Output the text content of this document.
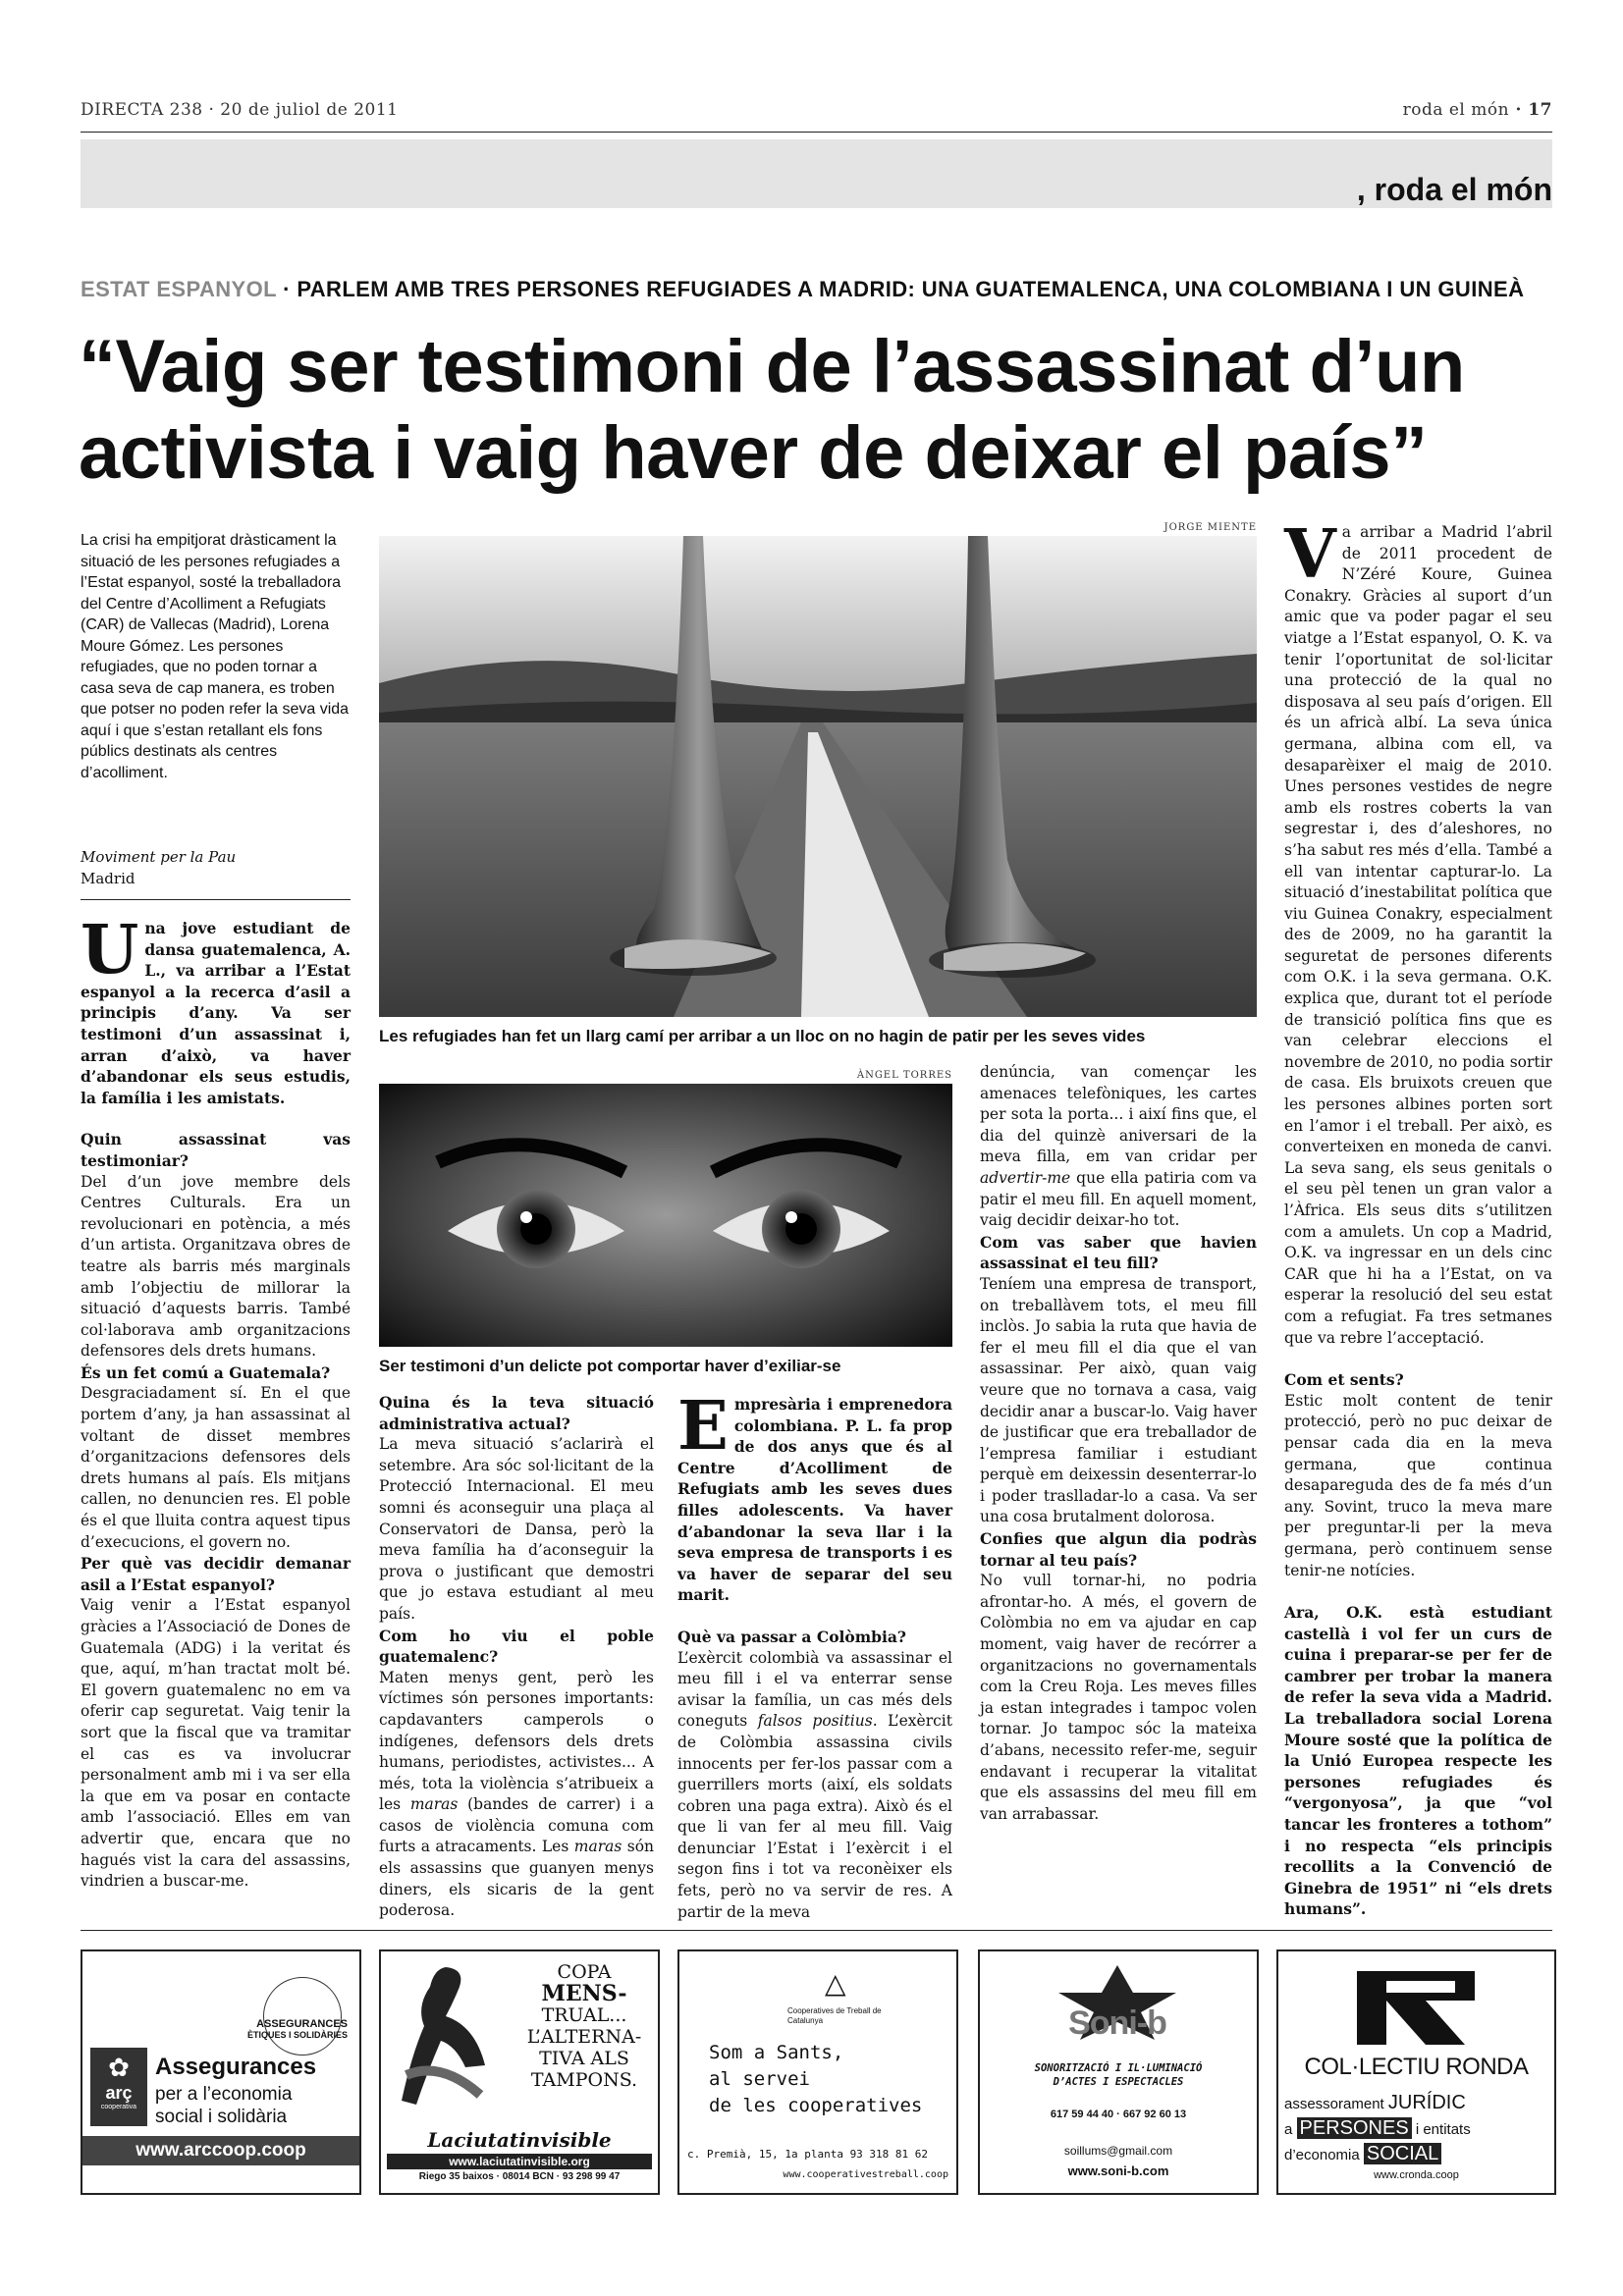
DIRECTA 238 · 20 de juliol de 2011	roda el món · 17
, roda el món
ESTAT ESPANYOL · PARLEM AMB TRES PERSONES REFUGIADES A MADRID: UNA GUATEMALENCA, UNA COLOMBIANA I UN GUINEÀ
“Vaig ser testimoni de l’assassinat d’un activista i vaig haver de deixar el país”
La crisi ha empitjorat dràsticament la situació de les persones refugiades a l’Estat espanyol, sosté la treballadora del Centre d’Acolliment a Refugiats (CAR) de Vallecas (Madrid), Lorena Moure Gómez. Les persones refugiades, que no poden tornar a casa seva de cap manera, es troben que potser no poden refer la seva vida aquí i que s’estan retallant els fons públics destinats als centres d’acolliment.
Moviment per la Pau
Madrid
U na jove estudiant de dansa guatemalenca, A. L., va arribar a l’Estat espanyol a la recerca d’asil a principis d’any. Va ser testimoni d’un assassinat i, arran d’això, va haver d’abandonar els seus estudis, la família i les amistats.

Quin assassinat vas testimoniar?

Del d’un jove membre dels Centres Culturals. Era un revolucionari en potència, a més d’un artista. Organitzava obres de teatre als barris més marginals amb l’objectiu de millorar la situació d’aquests barris. També col·laborava amb organitzacions defensores dels drets humans.

És un fet comú a Guatemala?

Desgraciadament sí. En el que portem d’any, ja han assassinat al voltant de disset membres d’organitzacions defensores dels drets humans al país. Els mitjans callen, no denuncien res. El poble és el que lluita contra aquest tipus d’execucions, el govern no.

Per què vas decidir demanar asil a l’Estat espanyol?

Vaig venir a l’Estat espanyol gràcies a l’Associació de Dones de Guatemala (ADG) i la veritat és que, aquí, m’han tractat molt bé. El govern guatemalenc no em va oferir cap seguretat. Vaig tenir la sort que la fiscal que va tramitar el cas es va involucrar personalment amb mi i va ser ella la que em va posar en contacte amb l’associació. Elles em van advertir que, encara que no hagués vist la cara del assassins, vindrien a buscar-me.

JORGE MIENTE
Les refugiades han fet un llarg camí per arribar a un lloc on no hagin de patir per les seves vides
ÀNGEL TORRES
Ser testimoni d’un delicte pot comportar haver d’exiliar-se

Quina és la teva situació administrativa actual?

La meva situació s’aclarirà el setembre. Ara sóc sol·licitant de la Protecció Internacional. El meu somni és aconseguir una plaça al Conservatori de Dansa, però la meva família ha d’aconseguir la prova o justificant que demostri que jo estava estudiant al meu país.

Com ho viu el poble guatemalenc?

Maten menys gent, però les víctimes són persones importants: capdavanters camperols o indígenes, defensors dels drets humans, periodistes, activistes... A més, tota la violència s’atribueix a les maras (bandes de carrer) i a casos de violència comuna com furts a atracaments. Les maras són els assassins que guanyen menys diners, els sicaris de la gent poderosa.

E mpresària i emprenedora colombiana. P. L. fa prop de dos anys que és al Centre d’Acolliment de Refugiats amb les seves dues filles adolescents. Va haver d’abandonar la seva llar i la seva empresa de transports i es va haver de separar del seu marit.

Què va passar a Colòmbia?

L’exèrcit colombià va assassinar el meu fill i el va enterrar sense avisar la família, un cas més dels coneguts falsos positius. L’exèrcit de Colòmbia assassina civils innocents per fer-los passar com a guerrillers morts (així, els soldats cobren una paga extra). Això és el que li van fer al meu fill. Vaig denunciar l’Estat i l’exèrcit i el segon fins i tot va reconèixer els fets, però no va servir de res. A partir de la meva

denúncia, van començar les amenaces telefòniques, les cartes per sota la porta... i així fins que, el dia del quinzè aniversari de la meva filla, em van cridar per advertir-me que ella patiria com va patir el meu fill. En aquell moment, vaig decidir deixar-ho tot.

Com vas saber que havien assassinat el teu fill?

Teníem una empresa de transport, on treballàvem tots, el meu fill inclòs. Jo sabia la ruta que havia de fer el meu fill el dia que el van assassinar. Per això, quan vaig veure que no tornava a casa, vaig decidir anar a buscar-lo. Vaig haver de justificar que era treballador de l’empresa familiar i estudiant perquè em deixessin desenterrar-lo i poder traslladar-lo a casa. Va ser una cosa brutalment dolorosa.

Confies que algun dia podràs tornar al teu país?

No vull tornar-hi, no podria afrontar-ho. A més, el govern de Colòmbia no em va ajudar en cap moment, vaig haver de recórrer a organitzacions no governamentals com la Creu Roja. Les meves filles ja estan integrades i tampoc volen tornar. Jo tampoc sóc la mateixa d’abans, necessito refer-me, seguir endavant i recuperar la vitalitat que els assassins del meu fill em van arrabassar.

V a arribar a Madrid l’abril de 2011 procedent de N’Zéré Koure, Guinea Conakry. Gràcies al suport d’un amic que va poder pagar el seu viatge a l’Estat espanyol, O. K. va tenir l’oportunitat de sol·licitar una protecció de la qual no disposava al seu país d’origen. Ell és un africà albí. La seva única germana, albina com ell, va desaparèixer el maig de 2010. Unes persones vestides de negre amb els rostres coberts la van segrestar i, des d’aleshores, no s’ha sabut res més d’ella. També a ell van intentar capturar-lo. La situació d’inestabilitat política que viu Guinea Conakry, especialment des de 2009, no ha garantit la seguretat de persones diferents com O.K. i la seva germana. O.K. explica que, durant tot el període de transició política fins que es van celebrar eleccions el novembre de 2010, no podia sortir de casa. Els bruixots creuen que les persones albines porten sort en l’amor i el treball. Per això, es converteixen en moneda de canvi. La seva sang, els seus genitals o el seu pèl tenen un gran valor a l’Àfrica. Els seus dits s’utilitzen com a amulets. Un cop a Madrid, O.K. va ingressar en un dels cinc CAR que hi ha a l’Estat, on va esperar la resolució del seu estat com a refugiat. Fa tres setmanes que va rebre l’acceptació.

Com et sents?

Estic molt content de tenir protecció, però no puc deixar de pensar cada dia en la meva germana, que continua desapareguda des de fa més d’un any. Sovint, truco la meva mare per preguntar-li per la meva germana, però continuem sense tenir-ne notícies.

Ara, O.K. està estudiant castellà i vol fer un curs de cuina i preparar-se per fer de cambrer per trobar la manera de refer la seva vida a Madrid. La treballadora social Lorena Moure sosté que la política de la Unió Europea respecte les persones refugiades és “vergonyosa”, ja que “vol tancar les fronteres a tothom” i no respecta “els principis recollits a la Convenció de Ginebra de 1951” ni “els drets humans”.

ASSEGURANCES
ÈTIQUES I SOLIDÀRIES
✿
arç
cooperativa
Assegurances
per a l’economia
social i solidària
www.arccoop.coop
COPA
MENS-
TRUAL...
L’ALTERNA-
TIVA ALS
TAMPONS.
Laciutatinvisible
www.laciutatinvisible.org
Riego 35 baixos · 08014 BCN · 93 298 99 47
△
Cooperatives de Treball de Catalunya
Som a Sants,
al servei
de les cooperatives
c. Premià, 15, 1a planta 93 318 81 62
www.cooperativestreball.coop
Soni-b
SONORITZACIÓ I IL·LUMINACIÓ
D’ACTES I ESPECTACLES
617 59 44 40 · 667 92 60 13
soillums@gmail.com
www.soni-b.com
COL·LECTIU RONDA
assessorament JURÍDIC
a PERSONES i entitats
d’economia SOCIAL
www.cronda.coop
